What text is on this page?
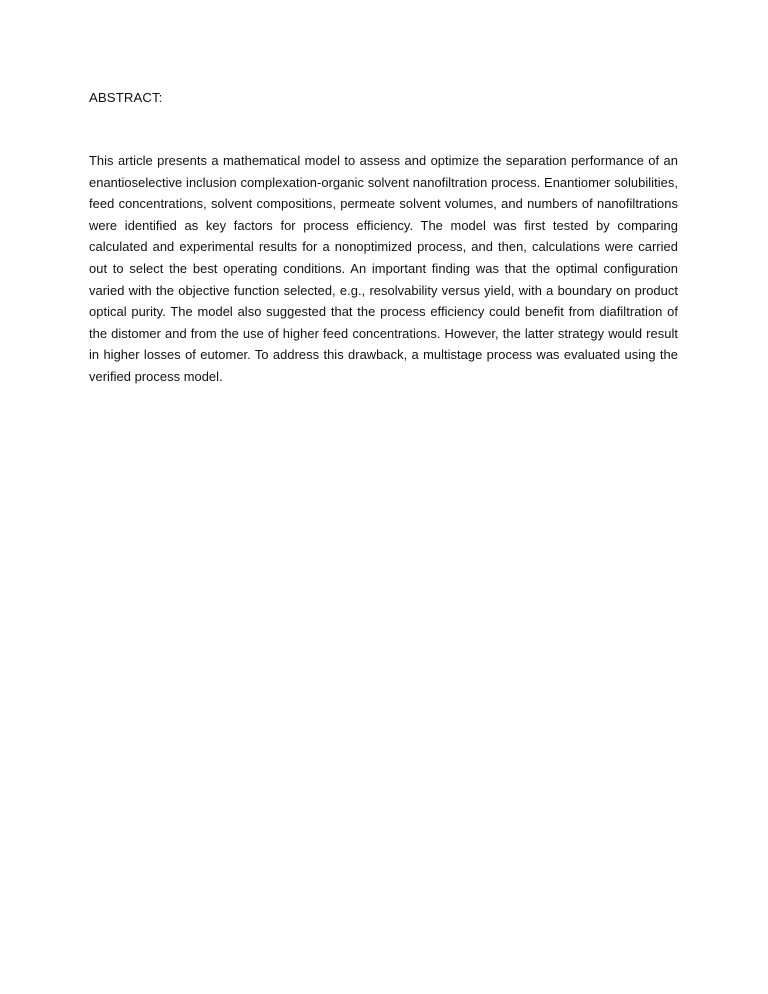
ABSTRACT:

This article presents a mathematical model to assess and optimize the separation performance of an enantioselective inclusion complexation-organic solvent nanofiltration process. Enantiomer solubilities, feed concentrations, solvent compositions, permeate solvent volumes, and numbers of nanofiltrations were identified as key factors for process efficiency. The model was first tested by comparing calculated and experimental results for a nonoptimized process, and then, calculations were carried out to select the best operating conditions. An important finding was that the optimal configuration varied with the objective function selected, e.g., resolvability versus yield, with a boundary on product optical purity. The model also suggested that the process efficiency could benefit from diafiltration of the distomer and from the use of higher feed concentrations. However, the latter strategy would result in higher losses of eutomer. To address this drawback, a multistage process was evaluated using the verified process model.
